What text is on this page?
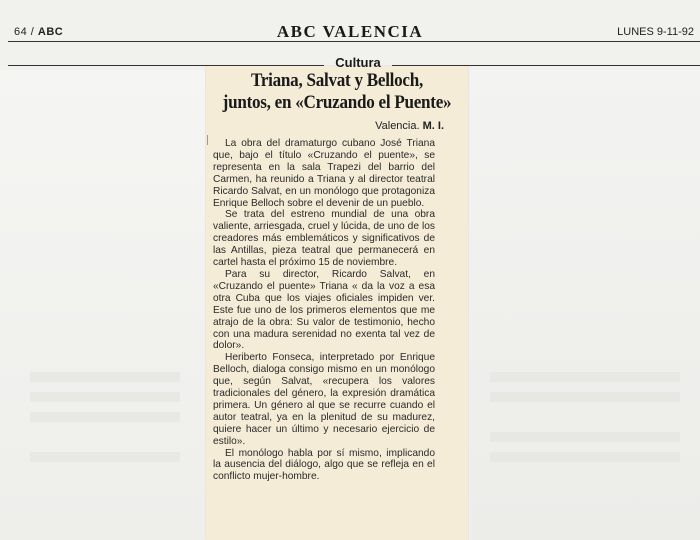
64 / ABC	ABC VALENCIA	LUNES 9-11-92
Cultura
Triana, Salvat y Belloch,
juntos, en «Cruzando el Puente»
Valencia. M. I.

La obra del dramaturgo cubano José Triana que, bajo el título «Cruzando el puente», se representa en la sala Trapezi del barrio del Carmen, ha reunido a Triana y al director teatral Ricardo Salvat, en un monólogo que protagoniza Enrique Belloch sobre el devenir de un pueblo.

Se trata del estreno mundial de una obra valiente, arriesgada, cruel y lúcida, de uno de los creadores más emblemáticos y significativos de las Antillas, pieza teatral que permanecerá en cartel hasta el próximo 15 de noviembre.

Para su director, Ricardo Salvat, en «Cruzando el puente» Triana « da la voz a esa otra Cuba que los viajes oficiales impiden ver. Este fue uno de los primeros elementos que me atrajo de la obra: Su valor de testimonio, hecho con una madura serenidad no exenta tal vez de dolor».

Heriberto Fonseca, interpretado por Enrique Belloch, dialoga consigo mismo en un monólogo que, según Salvat, «recupera los valores tradicionales del género, la expresión dramática primera. Un género al que se recurre cuando el autor teatral, ya en la plenitud de su madurez, quiere hacer un último y necesario ejercicio de estilo».

El monólogo habla por sí mismo, implicando la ausencia del diálogo, algo que se refleja en el conflicto mujer-hombre.
